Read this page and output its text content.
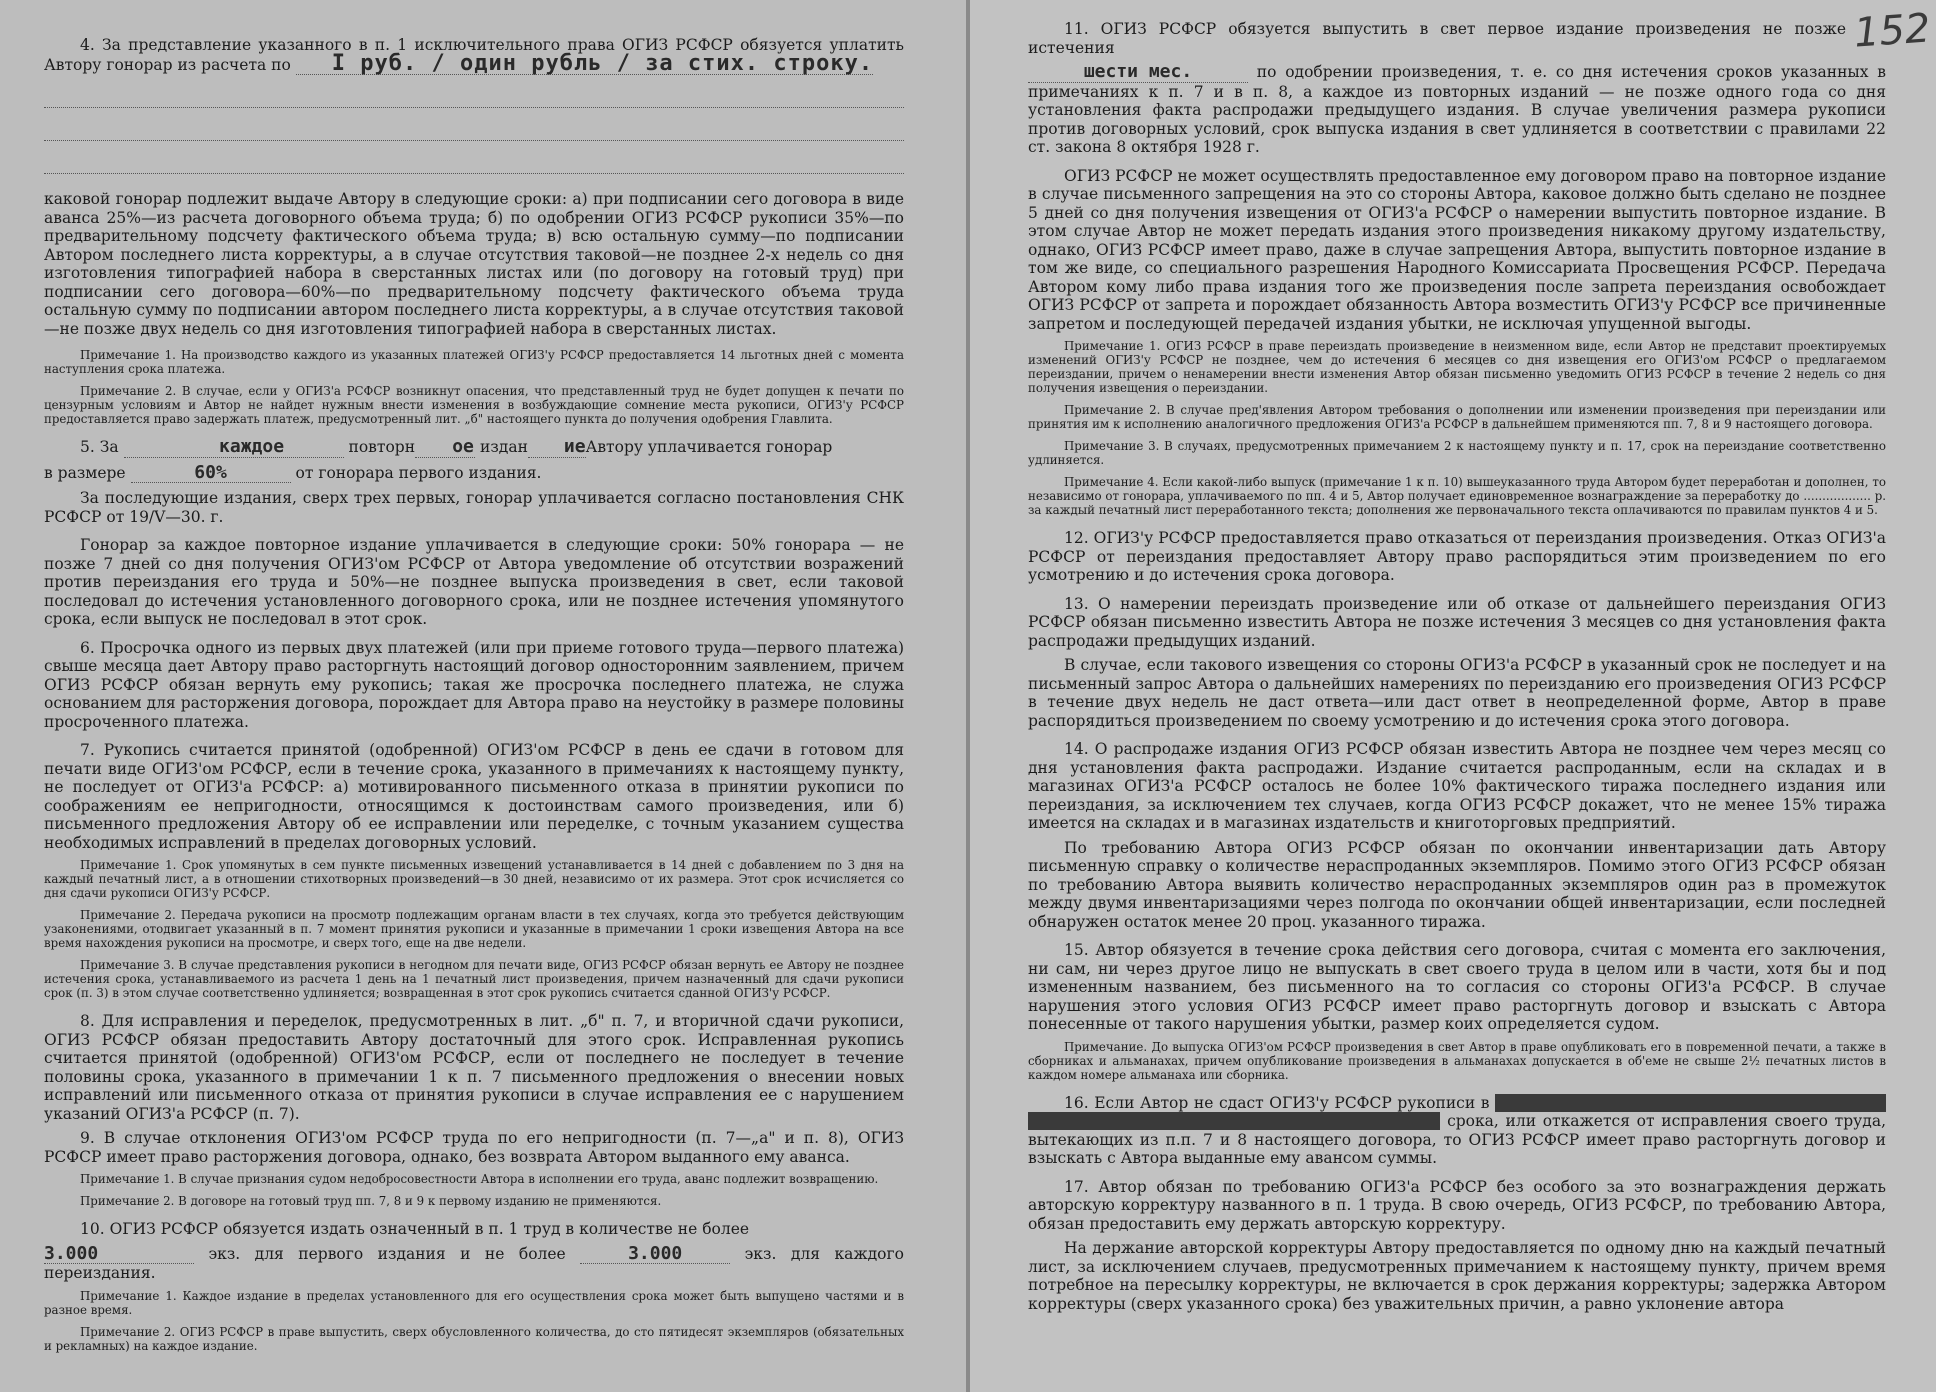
4. За представление указанного в п. 1 исключительного права ОГИЗ РСФСР обязуется уплатить Автору гонорар из расчета по I руб. / один рубль / за стих. строку.

каковой гонорар подлежит выдаче Автору в следующие сроки: а) при подписании сего договора в виде аванса 25%—из расчета договорного объема труда; б) по одобрении ОГИЗ РСФСР рукописи 35%—по предварительному подсчету фактического объема труда; в) всю остальную сумму—по подписании Автором последнего листа корректуры, а в случае отсутствия таковой—не позднее 2-х недель со дня изготовления типографией набора в сверстанных листах или (по договору на готовый труд) при подписании сего договора—60%—по предварительному подсчету фактического объема труда остальную сумму по подписании автором последнего листа корректуры, а в случае отсутствия таковой—не позже двух недель со дня изготовления типографией набора в сверстанных листах.

Примечание 1. На производство каждого из указанных платежей ОГИЗ'у РСФСР предоставляется 14 льготных дней с момента наступления срока платежа.

Примечание 2. В случае, если у ОГИЗ'а РСФСР возникнут опасения, что представленный труд не будет допущен к печати по цензурным условиям и Автор не найдет нужным внести изменения в возбуждающие сомнение места рукописи, ОГИЗ'у РСФСР предоставляется право задержать платеж, предусмотренный лит. „б" настоящего пункта до получения одобрения Главлита.

5. За	каждое	повторн ое издан иеАвтору уплачивается гонорар

в размере	60%	от гонорара первого издания.

За последующие издания, сверх трех первых, гонорар уплачивается согласно постановления СНК РСФСР от 19/V—30. г.

Гонорар за каждое повторное издание уплачивается в следующие сроки: 50% гонорара — не позже 7 дней со дня получения ОГИЗ'ом РСФСР от Автора уведомление об отсутствии возражений против переиздания его труда и 50%—не позднее выпуска произведения в свет, если таковой последовал до истечения установленного договорного срока, или не позднее истечения упомянутого срока, если выпуск не последовал в этот срок.

6. Просрочка одного из первых двух платежей (или при приеме готового труда—первого платежа) свыше месяца дает Автору право расторгнуть настоящий договор односторонним заявлением, причем ОГИЗ РСФСР обязан вернуть ему рукопись; такая же просрочка последнего платежа, не служа основанием для расторжения договора, порождает для Автора право на неустойку в размере половины просроченного платежа.

7. Рукопись считается принятой (одобренной) ОГИЗ'ом РСФСР в день ее сдачи в готовом для печати виде ОГИЗ'ом РСФСР, если в течение срока, указанного в примечаниях к настоящему пункту, не последует от ОГИЗ'а РСФСР: а) мотивированного письменного отказа в принятии рукописи по соображениям ее непригодности, относящимся к достоинствам самого произведения, или б) письменного предложения Автору об ее исправлении или переделке, с точным указанием существа необходимых исправлений в пределах договорных условий.

Примечание 1. Срок упомянутых в сем пункте письменных извещений устанавливается в 14 дней с добавлением по 3 дня на каждый печатный лист, а в отношении стихотворных произведений—в 30 дней, независимо от их размера. Этот срок исчисляется со дня сдачи рукописи ОГИЗ'у РСФСР.

Примечание 2. Передача рукописи на просмотр подлежащим органам власти в тех случаях, когда это требуется действующим узаконениями, отодвигает указанный в п. 7 момент принятия рукописи и указанные в примечании 1 сроки извещения Автора на все время нахождения рукописи на просмотре, и сверх того, еще на две недели.

Примечание 3. В случае представления рукописи в негодном для печати виде, ОГИЗ РСФСР обязан вернуть ее Автору не позднее истечения срока, устанавливаемого из расчета 1 день на 1 печатный лист произведения, причем назначенный для сдачи рукописи срок (п. 3) в этом случае соответственно удлиняется; возвращенная в этот срок рукопись считается сданной ОГИЗ'у РСФСР.

8. Для исправления и переделок, предусмотренных в лит. „б" п. 7, и вторичной сдачи рукописи, ОГИЗ РСФСР обязан предоставить Автору достаточный для этого срок. Исправленная рукопись считается принятой (одобренной) ОГИЗ'ом РСФСР, если от последнего не последует в течение половины срока, указанного в примечании 1 к п. 7 письменного предложения о внесении новых исправлений или письменного отказа от принятия рукописи в случае исправления ее с нарушением указаний ОГИЗ'а РСФСР (п. 7).

9. В случае отклонения ОГИЗ'ом РСФСР труда по его непригодности (п. 7—„а" и п. 8), ОГИЗ РСФСР имеет право расторжения договора, однако, без возврата Автором выданного ему аванса.

Примечание 1. В случае признания судом недобросовестности Автора в исполнении его труда, аванс подлежит возвращению.

Примечание 2. В договоре на готовый труд пп. 7, 8 и 9 к первому изданию не применяются.

10. ОГИЗ РСФСР обязуется издать означенный в п. 1 труд в количестве не более

3.000	экз. для первого издания и не более	3.000	экз. для каждого переиздания.

Примечание 1. Каждое издание в пределах установленного для его осуществления срока может быть выпущено частями и в разное время.

Примечание 2. ОГИЗ РСФСР в праве выпустить, сверх обусловленного количества, до сто пятидесят экземпляров (обязательных и рекламных) на каждое издание.

152

11. ОГИЗ РСФСР обязуется выпустить в свет первое издание произведения не позже истечения

шести мес.	по одобрении произведения, т. е. со дня истечения сроков указанных в примечаниях к п. 7 и в п. 8, а каждое из повторных изданий — не позже одного года со дня установления факта распродажи предыдущего издания. В случае увеличения размера рукописи против договорных условий, срок выпуска издания в свет удлиняется в соответствии с правилами 22 ст. закона 8 октября 1928 г.

ОГИЗ РСФСР не может осуществлять предоставленное ему договором право на повторное издание в случае письменного запрещения на это со стороны Автора, каковое должно быть сделано не позднее 5 дней со дня получения извещения от ОГИЗ'а РСФСР о намерении выпустить повторное издание. В этом случае Автор не может передать издания этого произведения никакому другому издательству, однако, ОГИЗ РСФСР имеет право, даже в случае запрещения Автора, выпустить повторное издание в том же виде, со специального разрешения Народного Комиссариата Просвещения РСФСР. Передача Автором кому либо права издания того же произведения после запрета переиздания освобождает ОГИЗ РСФСР от запрета и порождает обязанность Автора возместить ОГИЗ'у РСФСР все причиненные запретом и последующей передачей издания убытки, не исключая упущенной выгоды.

Примечание 1. ОГИЗ РСФСР в праве переиздать произведение в неизменном виде, если Автор не представит проектируемых изменений ОГИЗ'у РСФСР не позднее, чем до истечения 6 месяцев со дня извещения его ОГИЗ'ом РСФСР о предлагаемом переиздании, причем о ненамерении внести изменения Автор обязан письменно уведомить ОГИЗ РСФСР в течение 2 недель со дня получения извещения о переиздании.

Примечание 2. В случае пред'явления Автором требования о дополнении или изменении произведения при переиздании или принятия им к исполнению аналогичного предложения ОГИЗ'а РСФСР в дальнейшем применяются пп. 7, 8 и 9 настоящего договора.

Примечание 3. В случаях, предусмотренных примечанием 2 к настоящему пункту и п. 17, срок на переиздание соответственно удлиняется.

Примечание 4. Если какой-либо выпуск (примечание 1 к п. 10) вышеуказанного труда Автором будет переработан и дополнен, то независимо от гонорара, уплачиваемого по пп. 4 и 5, Автор получает единовременное вознаграждение за переработку до .................. р. за каждый печатный лист переработанного текста; дополнения же первоначального текста оплачиваются по правилам пунктов 4 и 5.

12. ОГИЗ'у РСФСР предоставляется право отказаться от переиздания произведения. Отказ ОГИЗ'а РСФСР от переиздания предоставляет Автору право распорядиться этим произведением по его усмотрению и до истечения срока договора.

13. О намерении переиздать произведение или об отказе от дальнейшего переиздания ОГИЗ РСФСР обязан письменно известить Автора не позже истечения 3 месяцев со дня установления факта распродажи предыдущих изданий.

В случае, если такового извещения со стороны ОГИЗ'а РСФСР в указанный срок не последует и на письменный запрос Автора о дальнейших намерениях по переизданию его произведения ОГИЗ РСФСР в течение двух недель не даст ответа—или даст ответ в неопределенной форме, Автор в праве распорядиться произведением по своему усмотрению и до истечения срока этого договора.

14. О распродаже издания ОГИЗ РСФСР обязан известить Автора не позднее чем через месяц со дня установления факта распродажи. Издание считается распроданным, если на складах и в магазинах ОГИЗ'а РСФСР осталось не более 10% фактического тиража последнего издания или переиздания, за исключением тех случаев, когда ОГИЗ РСФСР докажет, что не менее 15% тиража имеется на складах и в магазинах издательств и книготорговых предприятий.

По требованию Автора ОГИЗ РСФСР обязан по окончании инвентаризации дать Автору письменную справку о количестве нераспроданных экземпляров. Помимо этого ОГИЗ РСФСР обязан по требованию Автора выявить количество нераспроданных экземпляров один раз в промежуток между двумя инвентаризациями через полгода по окончании общей инвентаризации, если последней обнаружен остаток менее 20 проц. указанного тиража.

15. Автор обязуется в течение срока действия сего договора, считая с момента его заключения, ни сам, ни через другое лицо не выпускать в свет своего труда в целом или в части, хотя бы и под измененным названием, без письменного на то согласия со стороны ОГИЗ'а РСФСР. В случае нарушения этого условия ОГИЗ РСФСР имеет право расторгнуть договор и взыскать с Автора понесенные от такого нарушения убытки, размер коих определяется судом.

Примечание. До выпуска ОГИЗ'ом РСФСР произведения в свет Автор в праве опубликовать его в повременной печати, а также в сборниках и альманахах, причем опубликование произведения в альманахах допускается в об'еме не свыше 2½ печатных листов в каждом номере альманаха или сборника.

16. Если Автор не сдаст ОГИЗ'у РСФСР рукописи в срока, или откажется от исправления своего труда, вытекающих из п.п. 7 и 8 настоящего договора, то ОГИЗ РСФСР имеет право расторгнуть договор и взыскать с Автора выданные ему авансом суммы.

17. Автор обязан по требованию ОГИЗ'а РСФСР без особого за это вознаграждения держать авторскую корректуру названного в п. 1 труда. В свою очередь, ОГИЗ РСФСР, по требованию Автора, обязан предоставить ему держать авторскую корректуру.

На держание авторской корректуры Автору предоставляется по одному дню на каждый печатный лист, за исключением случаев, предусмотренных примечанием к настоящему пункту, причем время потребное на пересылку корректуры, не включается в срок держания корректуры; задержка Автором корректуры (сверх указанного срока) без уважительных причин, а равно уклонение автора
